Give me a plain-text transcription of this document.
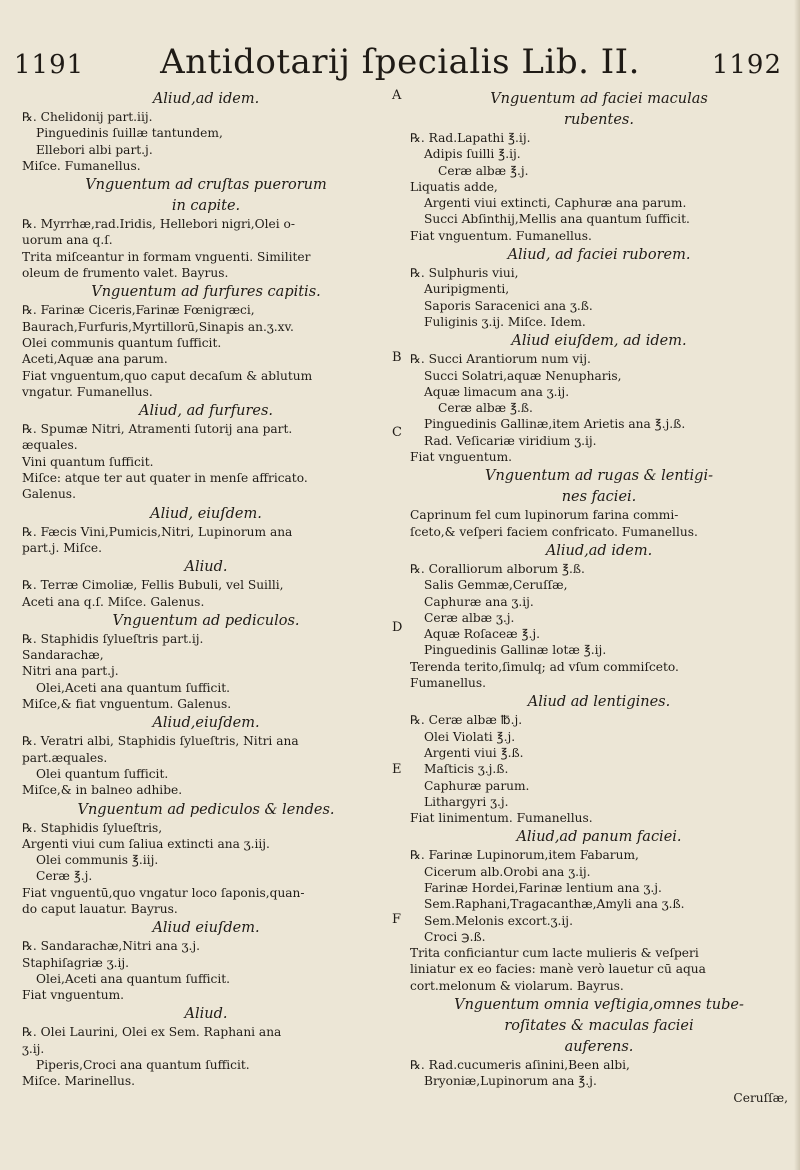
1191	Antidotarij ſpecialis Lib. II.	1192
A
B
C
D
E
F

Aliud,ad idem.

℞. Chelidonij part.iij.

Pinguedinis ſuillæ tantundem,

Ellebori albi part.j.

Miſce. Fumanellus.

Vnguentum ad cruſtas puerorum

in capite.

℞. Myrrhæ,rad.Iridis, Hellebori nigri,Olei o-

uorum ana q.ſ.

Trita miſceantur in formam vnguenti. Similiter

oleum de frumento valet. Bayrus.

Vnguentum ad furfures capitis.

℞. Farinæ Ciceris,Farinæ Fœnigræci,

Baurach,Furfuris,Myrtillorū,Sinapis an.ʒ.xv.

Olei communis quantum ſufficit.

Aceti,Aquæ ana parum.

Fiat vnguentum,quo caput decaſum & ablutum

vngatur. Fumanellus.

Aliud, ad furfures.

℞. Spumæ Nitri, Atramenti ſutorij ana part.

æquales.

Vini quantum ſufficit.

Miſce: atque ter aut quater in menſe affricato.

Galenus.

Aliud, eiuſdem.

℞. Fæcis Vini,Pumicis,Nitri, Lupinorum ana

part.j. Miſce.

Aliud.

℞. Terræ Cimoliæ, Fellis Bubuli, vel Suilli,

Aceti ana q.ſ. Miſce. Galenus.

Vnguentum ad pediculos.

℞. Staphidis ſylueſtris part.ij.

Sandarachæ,

Nitri ana part.j.

Olei,Aceti ana quantum ſufficit.

Miſce,& fiat vnguentum. Galenus.

Aliud,eiuſdem.

℞. Veratri albi, Staphidis ſylueſtris, Nitri ana

part.æquales.

Olei quantum ſufficit.

Miſce,& in balneo adhibe.

Vnguentum ad pediculos & lendes.

℞. Staphidis ſylueſtris,

Argenti viui cum ſaliua extincti ana ʒ.iij.

Olei communis ℥.iij.

Ceræ ℥.j.

Fiat vnguentū,quo vngatur loco ſaponis,quan-

do caput lauatur. Bayrus.

Aliud eiuſdem.

℞. Sandarachæ,Nitri ana ʒ.j.

Staphiſagriæ ʒ.ij.

Olei,Aceti ana quantum ſufficit.

Fiat vnguentum.

Aliud.

℞. Olei Laurini, Olei ex Sem. Raphani ana

ʒ.ij.

Piperis,Croci ana quantum ſufficit.

Miſce. Marinellus.

Vnguentum ad faciei maculas

rubentes.

℞. Rad.Lapathi ℥.ij.

Adipis ſuilli ℥.ij.

Ceræ albæ ℥.j.

Liquatis adde,

Argenti viui extincti, Caphuræ ana parum.

Succi Abſinthij,Mellis ana quantum ſufficit.

Fiat vnguentum. Fumanellus.

Aliud, ad faciei ruborem.

℞. Sulphuris viui,

Auripigmenti,

Saporis Saracenici ana ʒ.ß.

Fuliginis ʒ.ij. Miſce. Idem.

Aliud eiuſdem, ad idem.

℞. Succi Arantiorum num vij.

Succi Solatri,aquæ Nenupharis,

Aquæ limacum ana ʒ.ij.

Ceræ albæ ℥.ß.

Pinguedinis Gallinæ,item Arietis ana ℥.j.ß.

Rad. Veſicariæ viridium ʒ.ij.

Fiat vnguentum.

Vnguentum ad rugas & lentigi-

nes faciei.

Caprinum fel cum lupinorum farina commi-

ſceto,& veſperi faciem confricato. Fumanellus.

Aliud,ad idem.

℞. Coralliorum alborum ℥.ß.

Salis Gemmæ,Ceruſſæ,

Caphuræ ana ʒ.ij.

Ceræ albæ ʒ.j.

Aquæ Roſaceæ ℥.j.

Pinguedinis Gallinæ lotæ ℥.ij.

Terenda terito,ſimulq; ad vſum commiſceto.

Fumanellus.

Aliud ad lentigines.

℞. Ceræ albæ ℔.j.

Olei Violati ℥.j.

Argenti viui ℥.ß.

Maſticis ʒ.j.ß.

Caphuræ parum.

Lithargyri ʒ.j.

Fiat linimentum. Fumanellus.

Aliud,ad panum faciei.

℞. Farinæ Lupinorum,item Fabarum,

Cicerum alb.Orobi ana ʒ.ij.

Farinæ Hordei,Farinæ lentium ana ʒ.j.

Sem.Raphani,Tragacanthæ,Amyli ana ʒ.ß.

Sem.Melonis excort.ʒ.ij.

Croci ℈.ß.

Trita conficiantur cum lacte mulieris & veſperi

liniatur ex eo facies: manè verò lauetur cū aqua

cort.melonum & violarum. Bayrus.

Vnguentum omnia veſtigia,omnes tube-

roſitates & maculas faciei

auferens.

℞. Rad.cucumeris aſinini,Been albi,

Bryoniæ,Lupinorum ana ℥.j.

Ceruſſæ,
